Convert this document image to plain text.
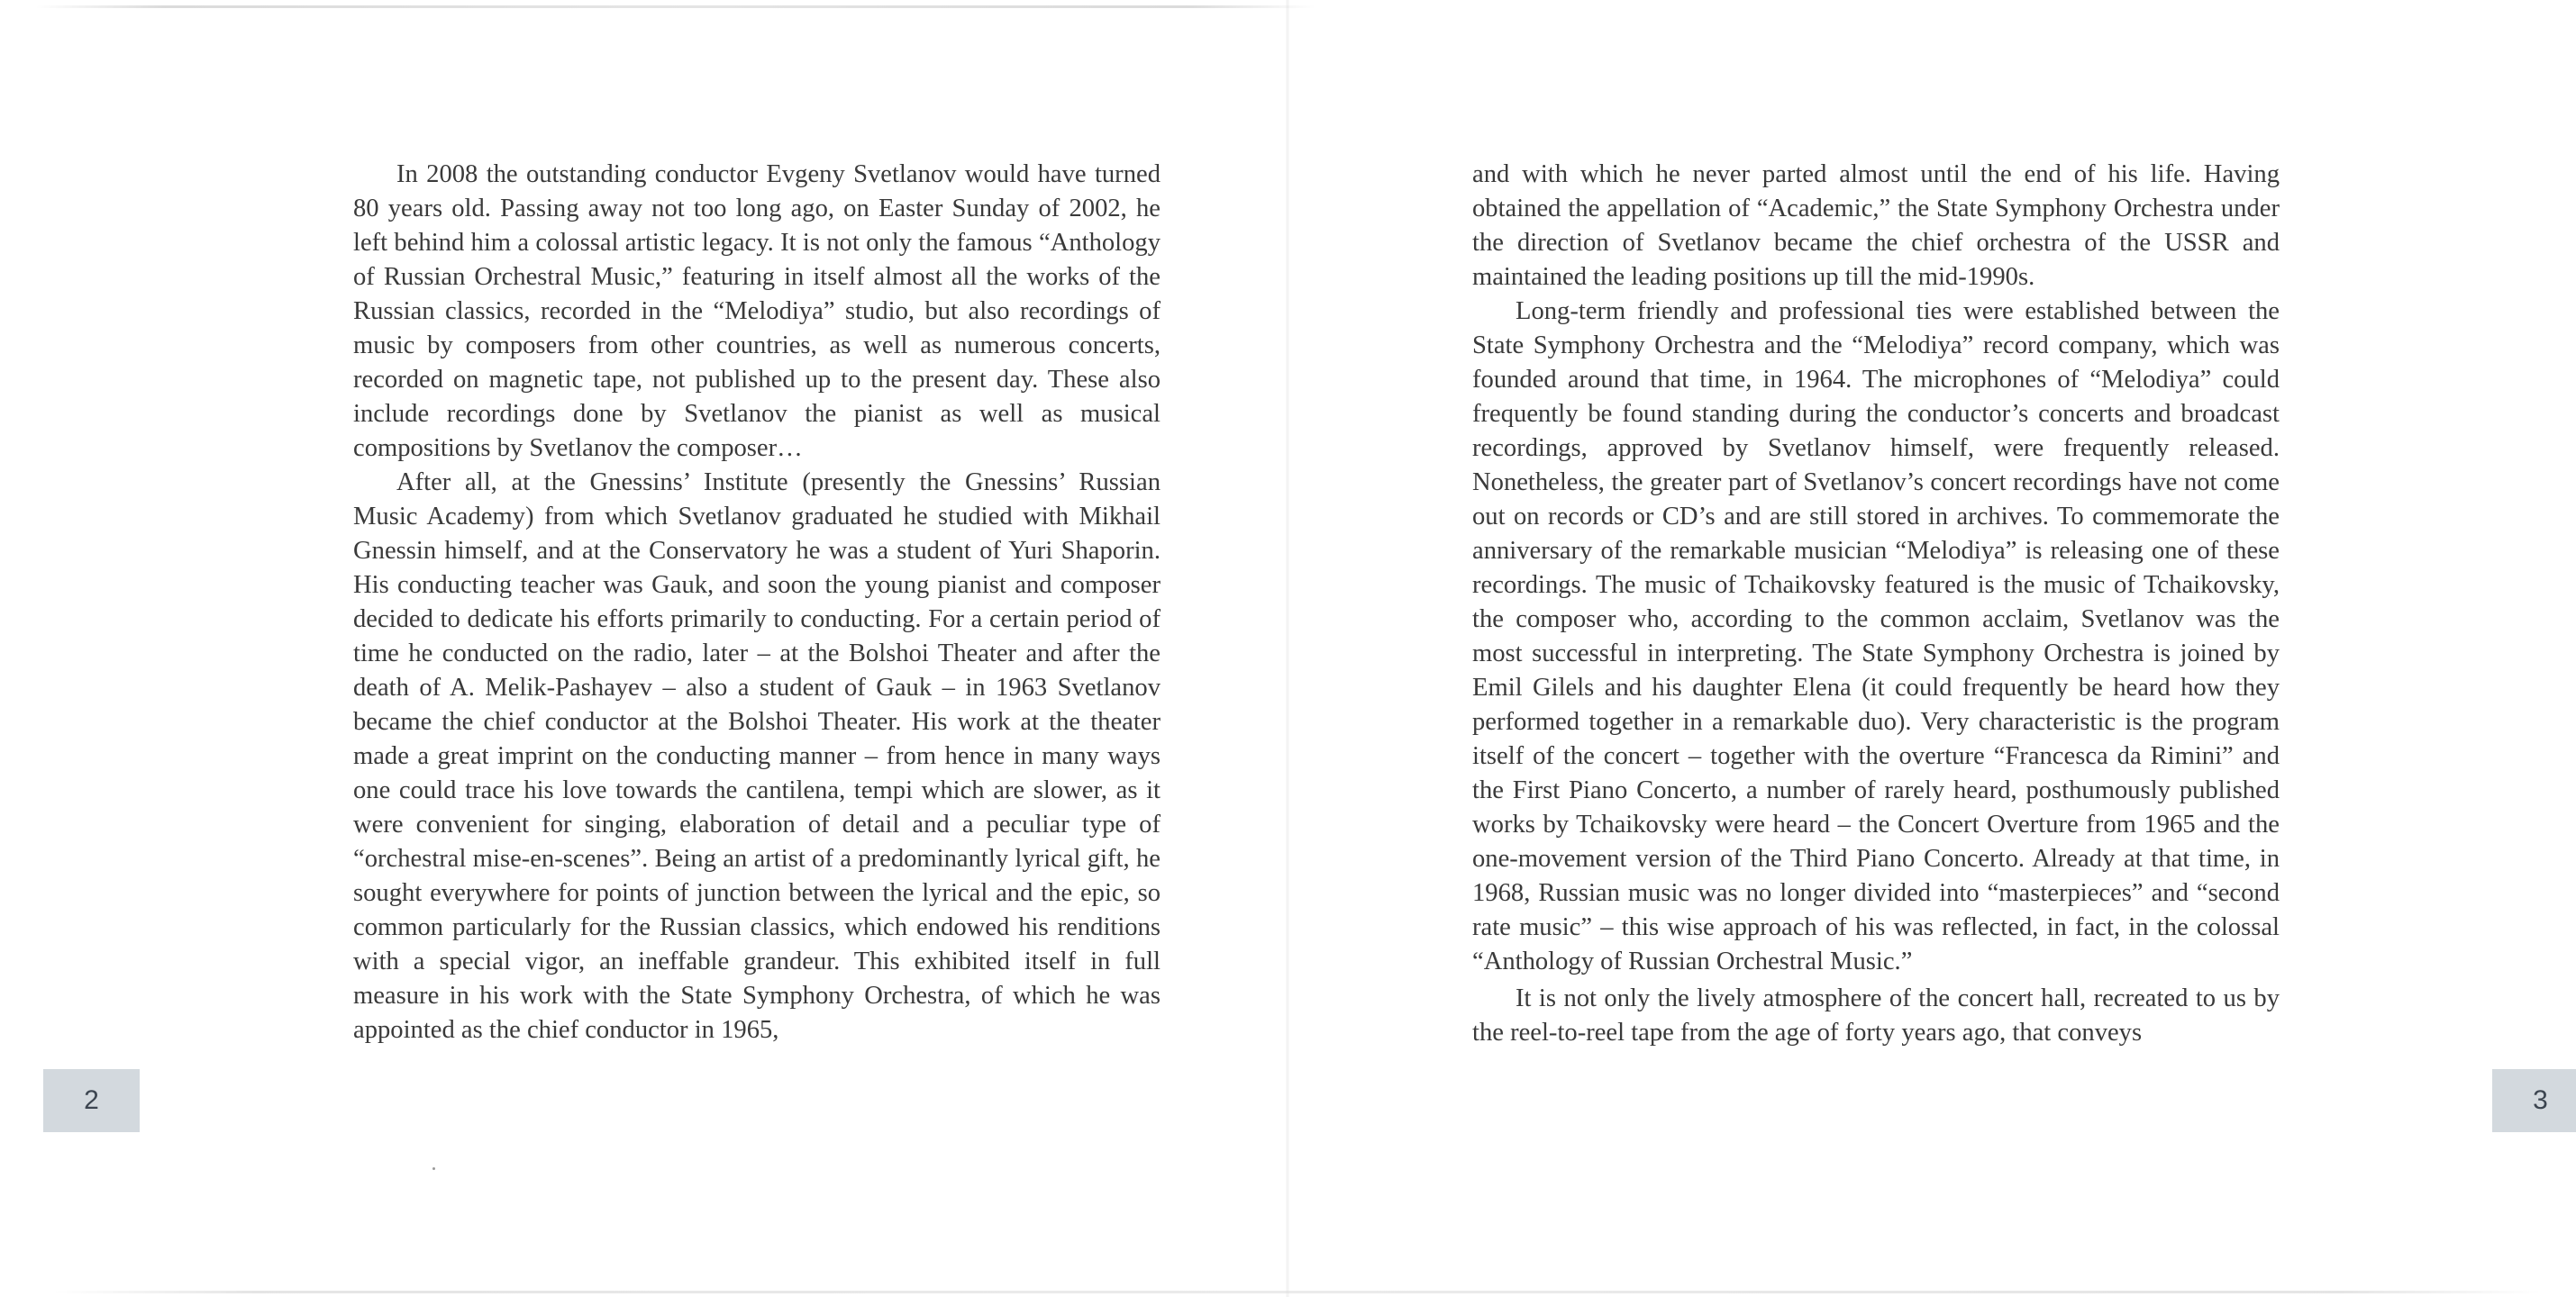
In 2008 the outstanding conductor Evgeny Svetlanov would have turned 80 years old. Passing away not too long ago, on Easter Sunday of 2002, he left behind him a colossal artistic legacy. It is not only the famous “Anthology of Russian Orchestral Music,” featuring in itself almost all the works of the Russian classics, recorded in the “Melodiya” studio, but also recordings of music by composers from other countries, as well as numerous concerts, recorded on magnetic tape, not published up to the present day. These also include recordings done by Svetlanov the pianist as well as musical compositions by Svetlanov the composer…

After all, at the Gnessins’ Institute (presently the Gnessins’ Russian Music Academy) from which Svetlanov graduated he studied with Mikhail Gnessin himself, and at the Conservatory he was a student of Yuri Shaporin. His conducting teacher was Gauk, and soon the young pianist and composer decided to dedicate his efforts primarily to conducting. For a certain period of time he conducted on the radio, later – at the Bolshoi Theater and after the death of A. Melik-Pashayev – also a student of Gauk – in 1963 Svetlanov became the chief conductor at the Bolshoi Theater. His work at the theater made a great imprint on the conducting manner – from hence in many ways one could trace his love towards the cantilena, tempi which are slower, as it were convenient for singing, elaboration of detail and a peculiar type of “orchestral mise-en-scenes”. Being an artist of a predominantly lyrical gift, he sought everywhere for points of junction between the lyrical and the epic, so common particularly for the Russian classics, which endowed his renditions with a special vigor, an ineffable grandeur. This exhibited itself in full measure in his work with the State Symphony Orchestra, of which he was appointed as the chief conductor in 1965,

2

and with which he never parted almost until the end of his life. Having obtained the appellation of “Academic,” the State Symphony Orchestra under the direction of Svetlanov became the chief orchestra of the USSR and maintained the leading positions up till the mid-1990s.

Long-term friendly and professional ties were established between the State Symphony Orchestra and the “Melodiya” record company, which was founded around that time, in 1964. The microphones of “Melodiya” could frequently be found standing during the conductor’s concerts and broadcast recordings, approved by Svetlanov himself, were frequently released. Nonetheless, the greater part of Svetlanov’s concert recordings have not come out on records or CD’s and are still stored in archives. To commemorate the anniversary of the remarkable musician “Melodiya” is releasing one of these recordings. The music of Tchaikovsky featured is the music of Tchaikovsky, the composer who, according to the common acclaim, Svetlanov was the most successful in interpreting. The State Symphony Orchestra is joined by Emil Gilels and his daughter Elena (it could frequently be heard how they performed together in a remarkable duo). Very characteristic is the program itself of the concert – together with the overture “Francesca da Rimini” and the First Piano Concerto, a number of rarely heard, posthumously published works by Tchaikovsky were heard – the Concert Overture from 1965 and the one-movement version of the Third Piano Concerto. Already at that time, in 1968, Russian music was no longer divided into “masterpieces” and “second rate music” – this wise approach of his was reflected, in fact, in the colossal “Anthology of Russian Orchestral Music.”

It is not only the lively atmosphere of the concert hall, recreated to us by the reel-to-reel tape from the age of forty years ago, that conveys

3
